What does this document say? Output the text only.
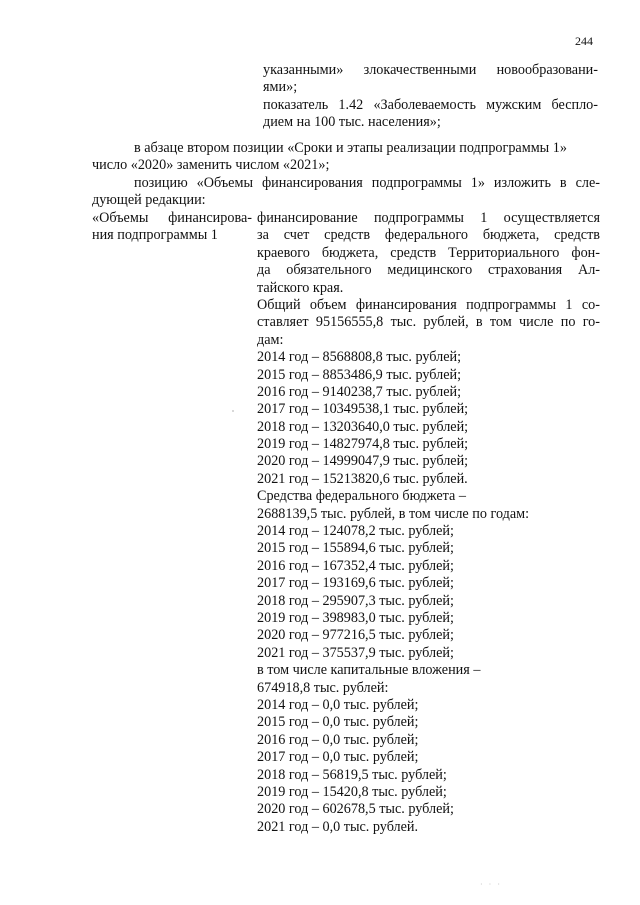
244
указанными» злокачественными новообразовани-
ями»;
показатель 1.42 «Заболеваемость мужским беспло-
дием на 100 тыс. населения»;
в абзаце втором позиции «Сроки и этапы реализации подпрограммы 1»
число «2020» заменить числом «2021»;
позицию «Объемы финансирования подпрограммы 1» изложить в сле-
дующей редакции:
«Объемы финансирова-
ния подпрограммы 1
финансирование подпрограммы 1 осуществляется
за счет средств федерального бюджета, средств
краевого бюджета, средств Территориального фон-
да обязательного медицинского страхования Ал-
тайского края.
Общий объем финансирования подпрограммы 1 со-
ставляет 95156555,8 тыс. рублей, в том числе по го-
дам:
2014 год – 8568808,8 тыс. рублей;
2015 год – 8853486,9 тыс. рублей;
2016 год – 9140238,7 тыс. рублей;
2017 год – 10349538,1 тыс. рублей;
2018 год – 13203640,0 тыс. рублей;
2019 год – 14827974,8 тыс. рублей;
2020 год – 14999047,9 тыс. рублей;
2021 год – 15213820,6 тыс. рублей.
Средства федерального бюджета –
2688139,5 тыс. рублей, в том числе по годам:
2014 год – 124078,2 тыс. рублей;
2015 год – 155894,6 тыс. рублей;
2016 год – 167352,4 тыс. рублей;
2017 год – 193169,6 тыс. рублей;
2018 год – 295907,3 тыс. рублей;
2019 год – 398983,0 тыс. рублей;
2020 год – 977216,5 тыс. рублей;
2021 год – 375537,9 тыс. рублей;
в том числе капитальные вложения –
674918,8 тыс. рублей:
2014 год – 0,0 тыс. рублей;
2015 год – 0,0 тыс. рублей;
2016 год – 0,0 тыс. рублей;
2017 год – 0,0 тыс. рублей;
2018 год – 56819,5 тыс. рублей;
2019 год – 15420,8 тыс. рублей;
2020 год – 602678,5 тыс. рублей;
2021 год – 0,0 тыс. рублей.
· · ·
